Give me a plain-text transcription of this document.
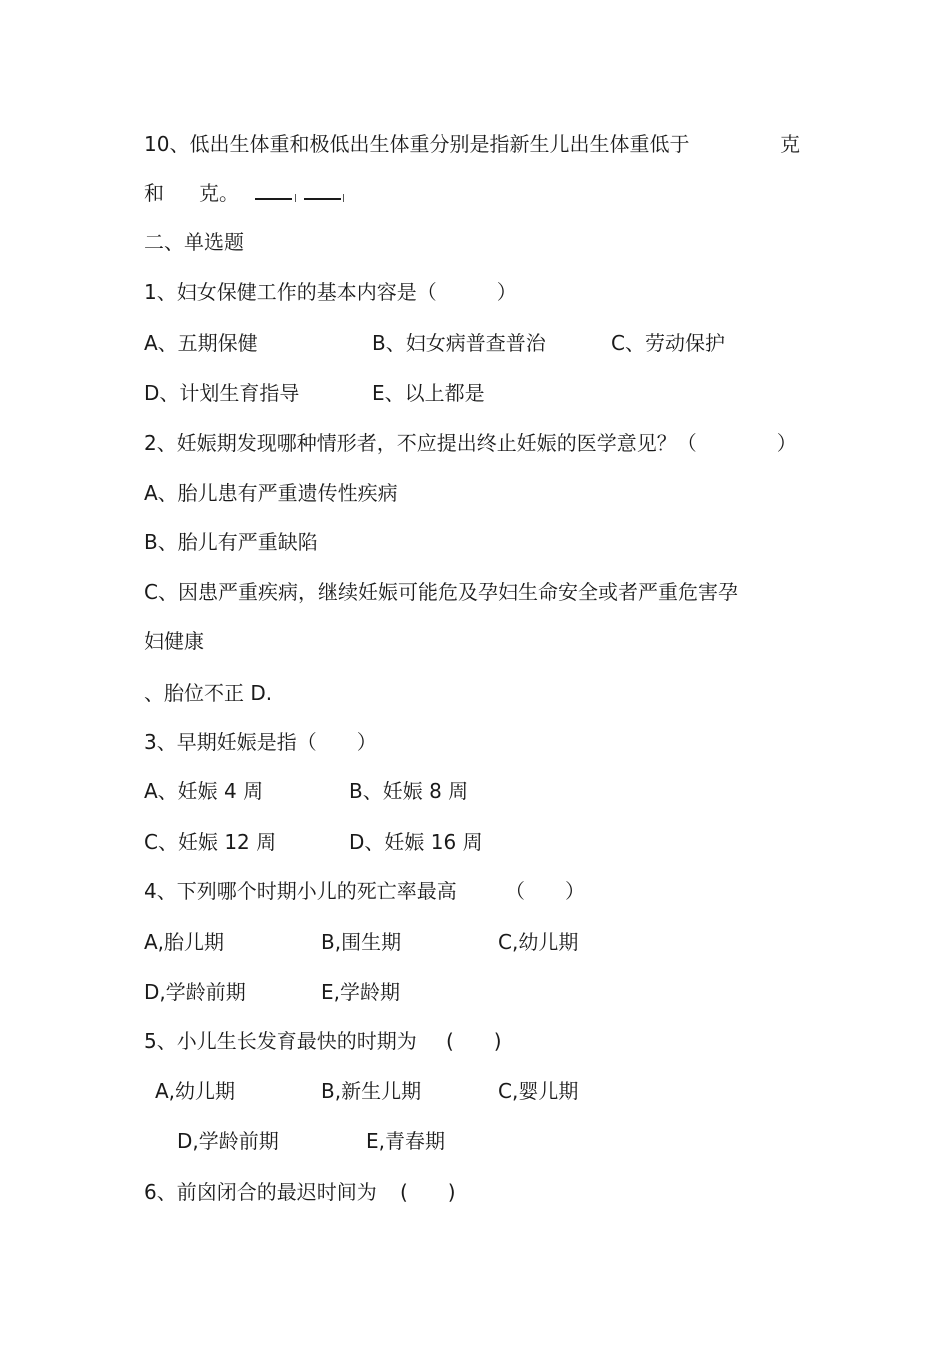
10、低出生体重和极低出生体重分别是指新生儿出生体重低于	克
和 克。
二、单选题
1、妇女保健工作的基本内容是（　　　）
A、五期保健	B、妇女病普查普治	C、劳动保护
D、计划生育指导	E、以上都是
2、妊娠期发现哪种情形者，不应提出终止妊娠的医学意见？（　　　　）
A、胎儿患有严重遗传性疾病
B、胎儿有严重缺陷
C、因患严重疾病，继续妊娠可能危及孕妇生命安全或者严重危害孕
妇健康
、胎位不正 D.
3、早期妊娠是指（　　）
A、妊娠 4 周	B、妊娠 8 周
C、妊娠 12 周	D、妊娠 16 周
4、下列哪个时期小儿的死亡率最高 （　　）
A,胎儿期	B,围生期	C,幼儿期
D,学龄前期	E,学龄期
5、小儿生长发育最快的时期为 (　　)
A,幼儿期	B,新生儿期	C,婴儿期
D,学龄前期	E,青春期
6、前囟闭合的最迟时间为 (　　)
